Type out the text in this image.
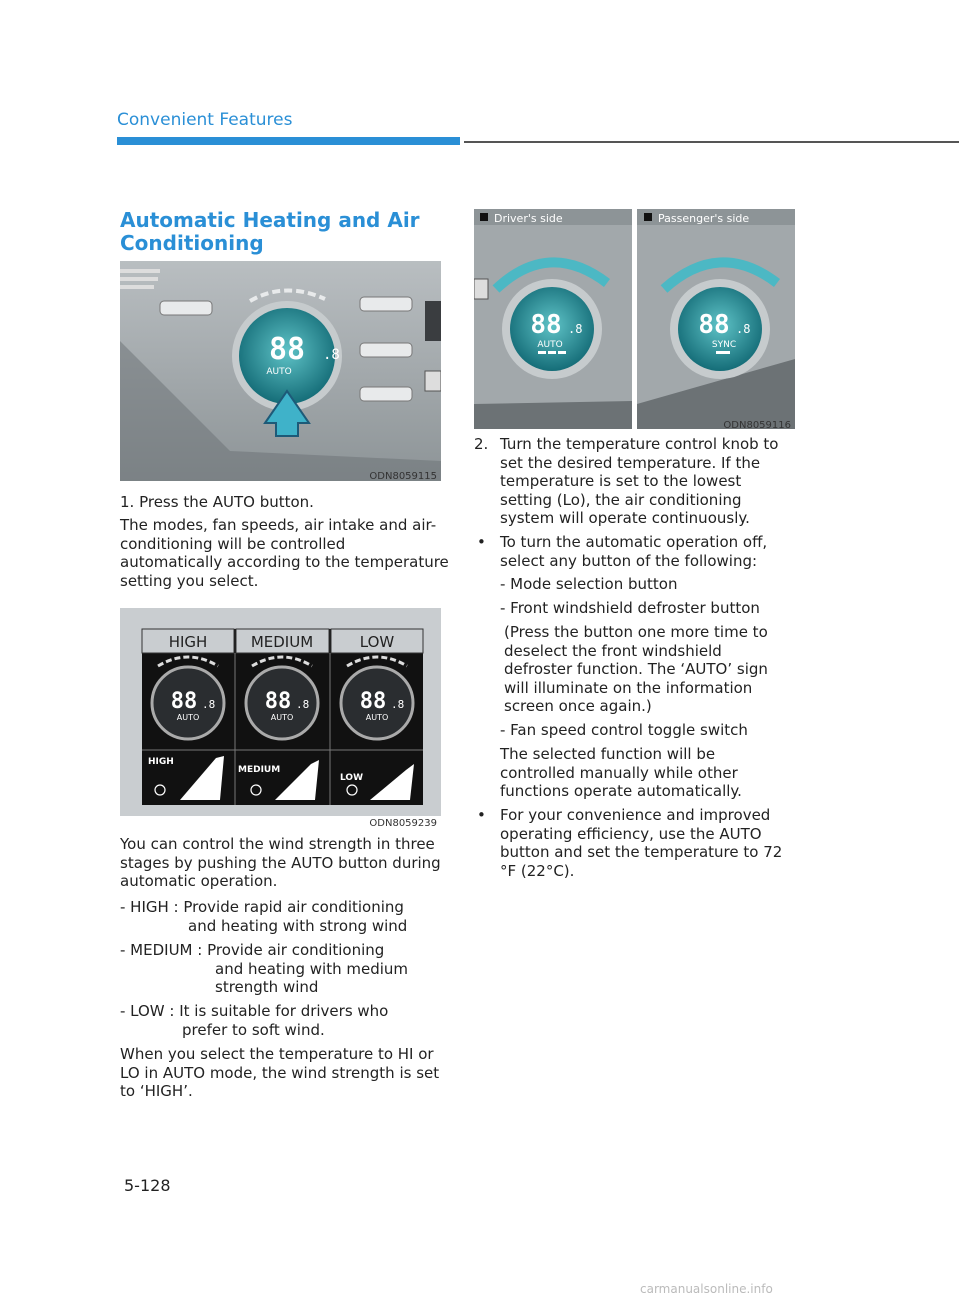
Convenient Features
Automatic Heating and Air Conditioning
88 .8
AUTO
ODN8059115
1. Press the AUTO button.
The modes, fan speeds, air intake and air-conditioning will be controlled automatically according to the temperature setting you select.
HIGH	MEDIUM	LOW
88 .8
AUTO
88 .8
AUTO
88 .8
AUTO
HIGH
MEDIUM
LOW
ODN8059239
You can control the wind strength in three stages by pushing the AUTO button during automatic operation.

- HIGH : Provide rapid air conditioning

and heating with strong wind

- MEDIUM : Provide air conditioning

and heating with medium strength wind

- LOW : It is suitable for drivers who

prefer to soft wind.

When you select the temperature to HI or LO in AUTO mode, the wind strength is set to ‘HIGH’.
Driver's side	Passenger's side
88 .8
AUTO
88 .8
SYNC
ODN8059116
2. Turn the temperature control knob to set the desired temperature. If the temperature is set to the lowest setting (Lo), the air conditioning system will operate continuously.

• To turn the automatic operation off, select any button of the following:

- Mode selection button
- Front windshield defroster button
(Press the button one more time to deselect the front windshield defroster function. The ‘AUTO’ sign will illuminate on the information screen once again.)
- Fan speed control toggle switch
The selected function will be controlled manually while other functions operate automatically.
• For your convenience and improved operating efficiency, use the AUTO button and set the temperature to 72 °F (22°C).

5-128
carmanualsonline.info
